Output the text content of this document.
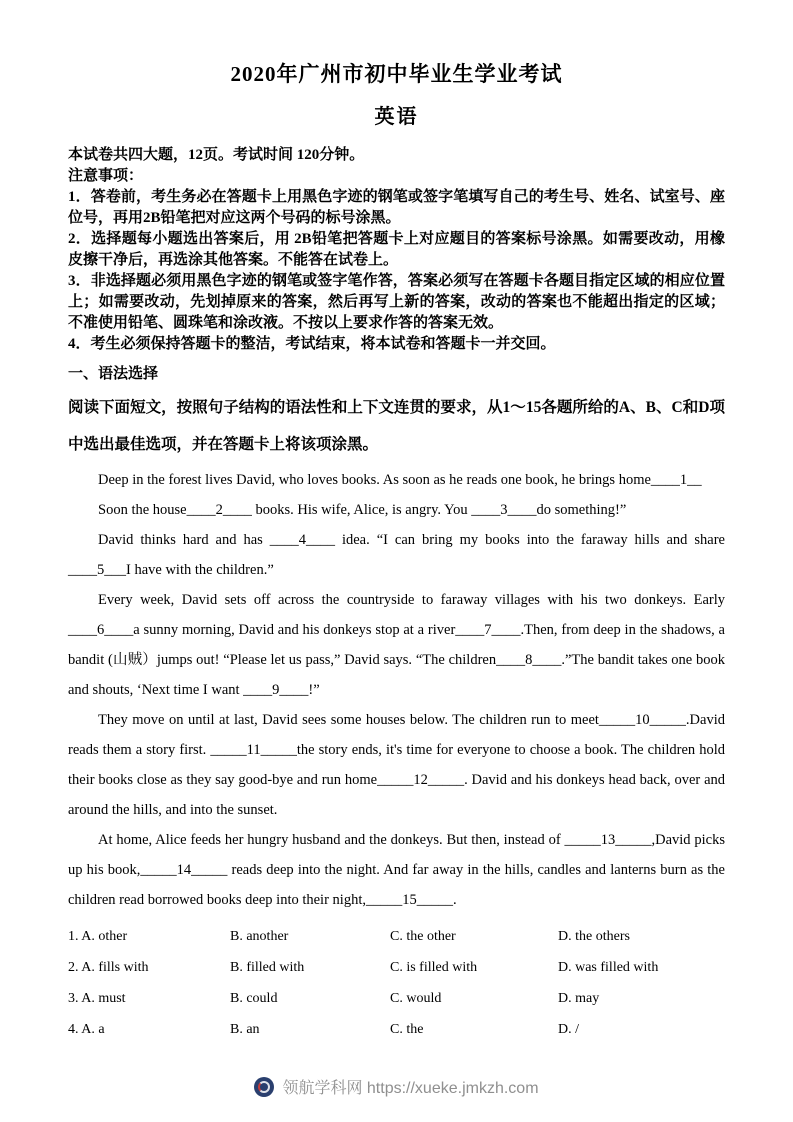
2020年广州市初中毕业生学业考试
英语

本试卷共四大题，12页。考试时间 120分钟。

注意事项：

1．答卷前，考生务必在答题卡上用黑色字迹的钢笔或签字笔填写自己的考生号、姓名、试室号、座位号，再用2B铅笔把对应这两个号码的标号涂黑。

2．选择题每小题选出答案后，用 2B铅笔把答题卡上对应题目的答案标号涂黑。如需要改动，用橡皮擦干净后，再选涂其他答案。不能答在试卷上。

3．非选择题必须用黑色字迹的钢笔或签字笔作答，答案必须写在答题卡各题目指定区域的相应位置上；如需要改动，先划掉原来的答案，然后再写上新的答案，改动的答案也不能超出指定的区域；不准使用铅笔、圆珠笔和涂改液。不按以上要求作答的答案无效。

4．考生必须保持答题卡的整洁，考试结束，将本试卷和答题卡一并交回。

一、语法选择

阅读下面短文，按照句子结构的语法性和上下文连贯的要求，从1～15各题所给的A、B、C和D项中选出最佳选项，并在答题卡上将该项涂黑。

Deep in the forest lives David, who loves books. As soon as he reads one book, he brings home____1__

Soon the house____2____ books. His wife, Alice, is angry. You ____3____do something!”

David thinks hard and has ____4____ idea. “I can bring my books into the faraway hills and share ____5___I have with the children.”

Every week, David sets off across the countryside to faraway villages with his two donkeys. Early ____6____a sunny morning, David and his donkeys stop at a river____7____.Then, from deep in the shadows, a bandit (山贼）jumps out! “Please let us pass,” David says. “The children____8____.”The bandit takes one book and shouts, ‘Next time I want ____9____!”

They move on until at last, David sees some houses below. The children run to meet_____10_____.David reads them a story first. _____11_____the story ends, it's time for everyone to choose a book. The children hold their books close as they say good-bye and run home_____12_____. David and his donkeys head back, over and around the hills, and into the sunset.

At home, Alice feeds her hungry husband and the donkeys. But then, instead of _____13_____,David picks up his book,_____14_____ reads deep into the night. And far away in the hills, candles and lanterns burn as the children read borrowed books deep into their night,_____15_____.

1. A. other	B. another	C. the other	D. the others
2. A. fills with	B. filled with	C. is filled with	D. was filled with
3. A. must	B. could	C. would	D. may
4. A. a	B. an	C. the	D. /
领航学科网 https://xueke.jmkzh.com
